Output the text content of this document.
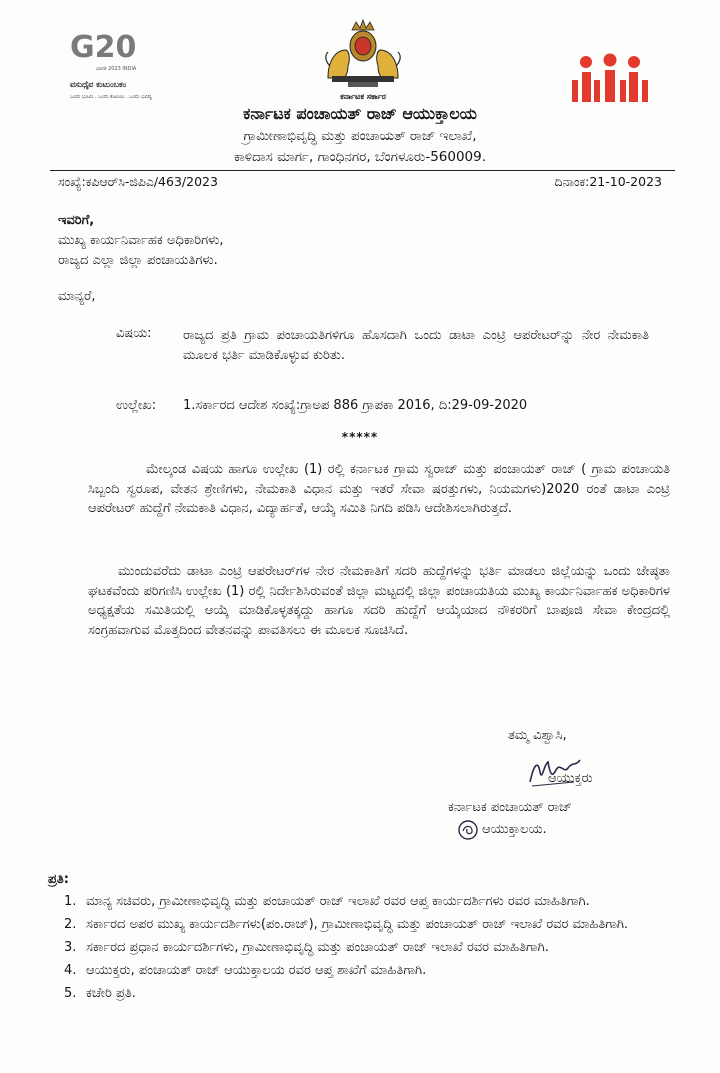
G20
ಭಾರತ 2023 INDIA
ವಸುಧೈವ ಕುಟುಂಬಕಂ
ಒಂದು ಭೂಮಿ . ಒಂದು ಕುಟುಂಬ . ಒಂದು ಭವಿಷ್ಯ	ಕರ್ನಾಟಕ ಸರ್ಕಾರ
ಕರ್ನಾಟಕ ಪಂಚಾಯತ್ ರಾಜ್ ಆಯುಕ್ತಾಲಯ
ಗ್ರಾಮೀಣಾಭಿವೃದ್ಧಿ ಮತ್ತು ಪಂಚಾಯತ್ ರಾಜ್ ಇಲಾಖೆ,
ಕಾಳಿದಾಸ ಮಾರ್ಗ, ಗಾಂಧಿನಗರ, ಬೆಂಗಳೂರು-560009.
ಸಂಖ್ಯೆ:ಕಪಿಆರ್‌ಸಿ-ಜಿಪಿಎ/463/2023	ದಿನಾಂಕ:21-10-2023
ಇವರಿಗೆ,
ಮುಖ್ಯ ಕಾರ್ಯನಿರ್ವಾಹಕ ಅಧಿಕಾರಿಗಳು,
ರಾಜ್ಯದ ಎಲ್ಲಾ ಜಿಲ್ಲಾ ಪಂಚಾಯತಿಗಳು.
ಮಾನ್ಯರೆ,
ವಿಷಯ: ರಾಜ್ಯದ ಪ್ರತಿ ಗ್ರಾಮ ಪಂಚಾಯತಿಗಳಿಗೂ ಹೊಸದಾಗಿ ಒಂದು ಡಾಟಾ ಎಂಟ್ರಿ ಆಪರೇಟರ್‌ನ್ನು ನೇರ ನೇಮಕಾತಿ ಮೂಲಕ ಭರ್ತಿ ಮಾಡಿಕೊಳ್ಳುವ ಕುರಿತು.
ಉಲ್ಲೇಖ: 1.ಸರ್ಕಾರದ ಆದೇಶ ಸಂಖ್ಯೆ:ಗ್ರಾಅಪ 886 ಗ್ರಾಪಕಾ 2016, ದಿ:29-09-2020
*****
ಮೇಲ್ಕಂಡ ವಿಷಯ ಹಾಗೂ ಉಲ್ಲೇಖ (1) ರಲ್ಲಿ ಕರ್ನಾಟಕ ಗ್ರಾಮ ಸ್ವರಾಜ್ ಮತ್ತು ಪಂಚಾಯತ್ ರಾಜ್ ( ಗ್ರಾಮ ಪಂಚಾಯತಿ ಸಿಬ್ಬಂದಿ ಸ್ವರೂಪ, ವೇತನ ಶ್ರೇಣಿಗಳು, ನೇಮಕಾತಿ ವಿಧಾನ ಮತ್ತು ಇತರೆ ಸೇವಾ ಷರತ್ತುಗಳು, ನಿಯಮಗಳು)2020 ರಂತೆ ಡಾಟಾ ಎಂಟ್ರಿ ಆಪರೇಟರ್ ಹುದ್ದೆಗೆ ನೇಮಕಾತಿ ವಿಧಾನ, ವಿದ್ಯಾರ್ಹತೆ, ಆಯ್ಕೆ ಸಮಿತಿ ನಿಗದಿ ಪಡಿಸಿ ಆದೇಶಿಸಲಾಗಿರುತ್ತದೆ.
ಮುಂದುವರೆದು ಡಾಟಾ ಎಂಟ್ರಿ ಆಪರೇಟರ್‌ಗಳ ನೇರ ನೇಮಕಾತಿಗೆ ಸದರಿ ಹುದ್ದೆಗಳನ್ನು ಭರ್ತಿ ಮಾಡಲು ಜಿಲ್ಲೆಯನ್ನು ಒಂದು ಜೇಷ್ಠತಾ ಘಟಕವೆಂದು ಪರಿಗಣಿಸಿ ಉಲ್ಲೇಖ (1) ರಲ್ಲಿ ನಿರ್ದೇಶಿಸಿರುವಂತೆ ಜಿಲ್ಲಾ ಮಟ್ಟದಲ್ಲಿ ಜಿಲ್ಲಾ ಪಂಚಾಯತಿಯ ಮುಖ್ಯ ಕಾರ್ಯನಿರ್ವಾಹಕ ಅಧಿಕಾರಿಗಳ ಅಧ್ಯಕ್ಷತೆಯ ಸಮಿತಿಯಲ್ಲಿ ಆಯ್ಕೆ ಮಾಡಿಕೊಳ್ಳತಕ್ಕದ್ದು ಹಾಗೂ ಸದರಿ ಹುದ್ದೆಗೆ ಆಯ್ಕೆಯಾದ ನೌಕರರಿಗೆ ಬಾಪೂಜಿ ಸೇವಾ ಕೇಂದ್ರದಲ್ಲಿ ಸಂಗ್ರಹವಾಗುವ ಮೊತ್ತದಿಂದ ವೇತನವನ್ನು ಪಾವತಿಸಲು ಈ ಮೂಲಕ ಸೂಚಿಸಿದೆ.
ತಮ್ಮ ವಿಶ್ವಾಸಿ,
ಆಯುಕ್ತರು
ಕರ್ನಾಟಕ ಪಂಚಾಯತ್ ರಾಜ್
ಆಯುಕ್ತಾಲಯ.
ಪ್ರತಿ:
1. ಮಾನ್ಯ ಸಚಿವರು, ಗ್ರಾಮೀಣಾಭಿವೃದ್ಧಿ ಮತ್ತು ಪಂಚಾಯತ್ ರಾಜ್ ಇಲಾಖೆ ರವರ ಆಪ್ತ ಕಾರ್ಯದರ್ಶಿಗಳು ರವರ ಮಾಹಿತಿಗಾಗಿ.
2. ಸರ್ಕಾರದ ಅಪರ ಮುಖ್ಯ ಕಾರ್ಯದರ್ಶಿಗಳು(ಪಂ.ರಾಜ್), ಗ್ರಾಮೀಣಾಭಿವೃದ್ಧಿ ಮತ್ತು ಪಂಚಾಯತ್ ರಾಜ್ ಇಲಾಖೆ ರವರ ಮಾಹಿತಿಗಾಗಿ.
3. ಸರ್ಕಾರದ ಪ್ರಧಾನ ಕಾರ್ಯದರ್ಶಿಗಳು, ಗ್ರಾಮೀಣಾಭಿವೃದ್ಧಿ ಮತ್ತು ಪಂಚಾಯತ್ ರಾಜ್ ಇಲಾಖೆ ರವರ ಮಾಹಿತಿಗಾಗಿ.
4. ಆಯುಕ್ತರು, ಪಂಚಾಯತ್ ರಾಜ್ ಆಯುಕ್ತಾಲಯ ರವರ ಆಪ್ತ ಶಾಖೆಗೆ ಮಾಹಿತಿಗಾಗಿ.
5. ಕಚೇರಿ ಪ್ರತಿ.
